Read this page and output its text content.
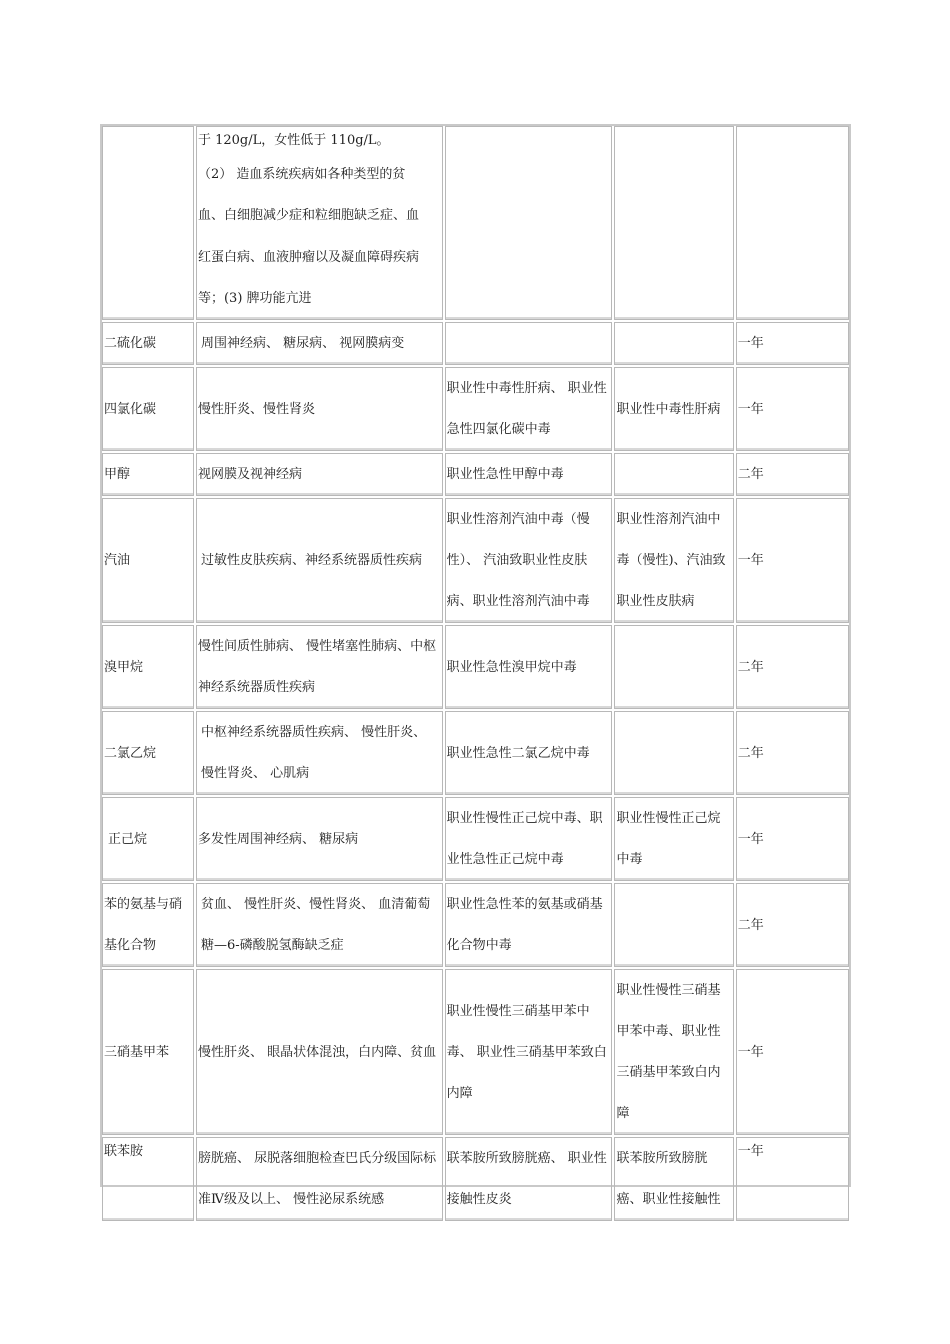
	于 120g/L，女性低于 110g/L。

（2） 造血系统疾病如各种类型的贫

血、白细胞减少症和粒细胞缺乏症、血

红蛋白病、血液肿瘤以及凝血障碍疾病

等；(3) 脾功能亢进			

二硫化碳	周围神经病、 糖尿病、 视网膜病变			一年
四氯化碳	慢性肝炎、慢性肾炎	职业性中毒性肝病、 职业性急性四氯化碳中毒	职业性中毒性肝病	一年
甲醇	视网膜及视神经病	职业性急性甲醇中毒		二年
汽油	过敏性皮肤疾病、神经系统器质性疾病	职业性溶剂汽油中毒（慢性）、 汽油致职业性皮肤病、职业性溶剂汽油中毒	职业性溶剂汽油中毒（慢性)、汽油致职业性皮肤病	一年
溴甲烷	慢性间质性肺病、 慢性堵塞性肺病、中枢神经系统器质性疾病	职业性急性溴甲烷中毒		二年
二氯乙烷	中枢神经系统器质性疾病、 慢性肝炎、 慢性肾炎、 心肌病	职业性急性二氯乙烷中毒		二年
正己烷	多发性周围神经病、 糖尿病	职业性慢性正己烷中毒、职业性急性正己烷中毒	职业性慢性正己烷中毒	一年
苯的氨基与硝基化合物	贫血、 慢性肝炎、慢性肾炎、 血清葡萄糖—6-磷酸脱氢酶缺乏症	职业性急性苯的氨基或硝基化合物中毒		二年
三硝基甲苯	慢性肝炎、 眼晶状体混浊，白内障、贫血	职业性慢性三硝基甲苯中毒、 职业性三硝基甲苯致白内障	职业性慢性三硝基甲苯中毒、职业性三硝基甲苯致白内障	一年
联苯胺	膀胱癌、 尿脱落细胞检查巴氏分级国际标准Ⅳ级及以上、 慢性泌尿系统感	联苯胺所致膀胱癌、 职业性接触性皮炎	联苯胺所致膀胱癌、职业性接触性	一年
